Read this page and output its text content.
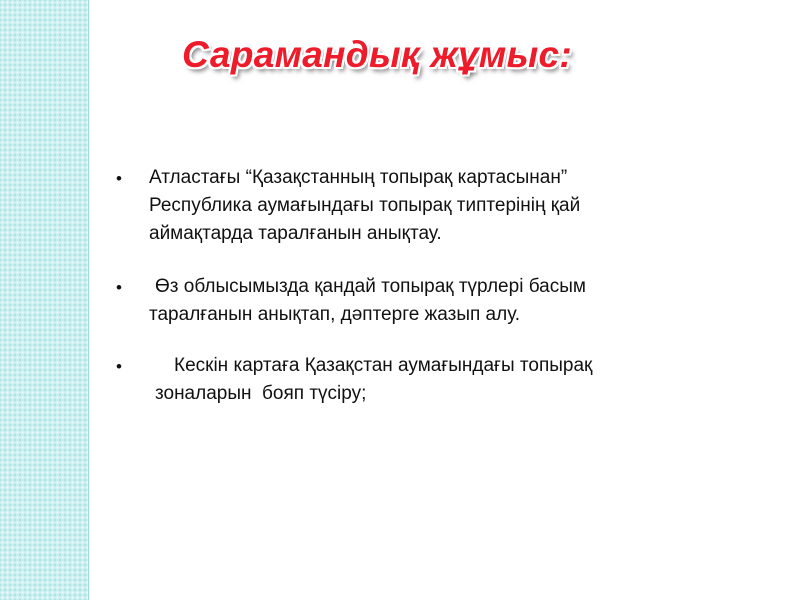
Сарамандық жұмыс:
• Атластағы “Қазақстанның топырақ картасынан”
Республика аумағындағы топырақ типтерінің қай
аймақтарда таралғанын анықтау.
• Өз облысымызда қандай топырақ түрлері басым
таралғанын анықтап, дәптерге жазып алу.
•	Кескін картаға Қазақстан аумағындағы топырақ
зоналарын  бояп түсіру;
